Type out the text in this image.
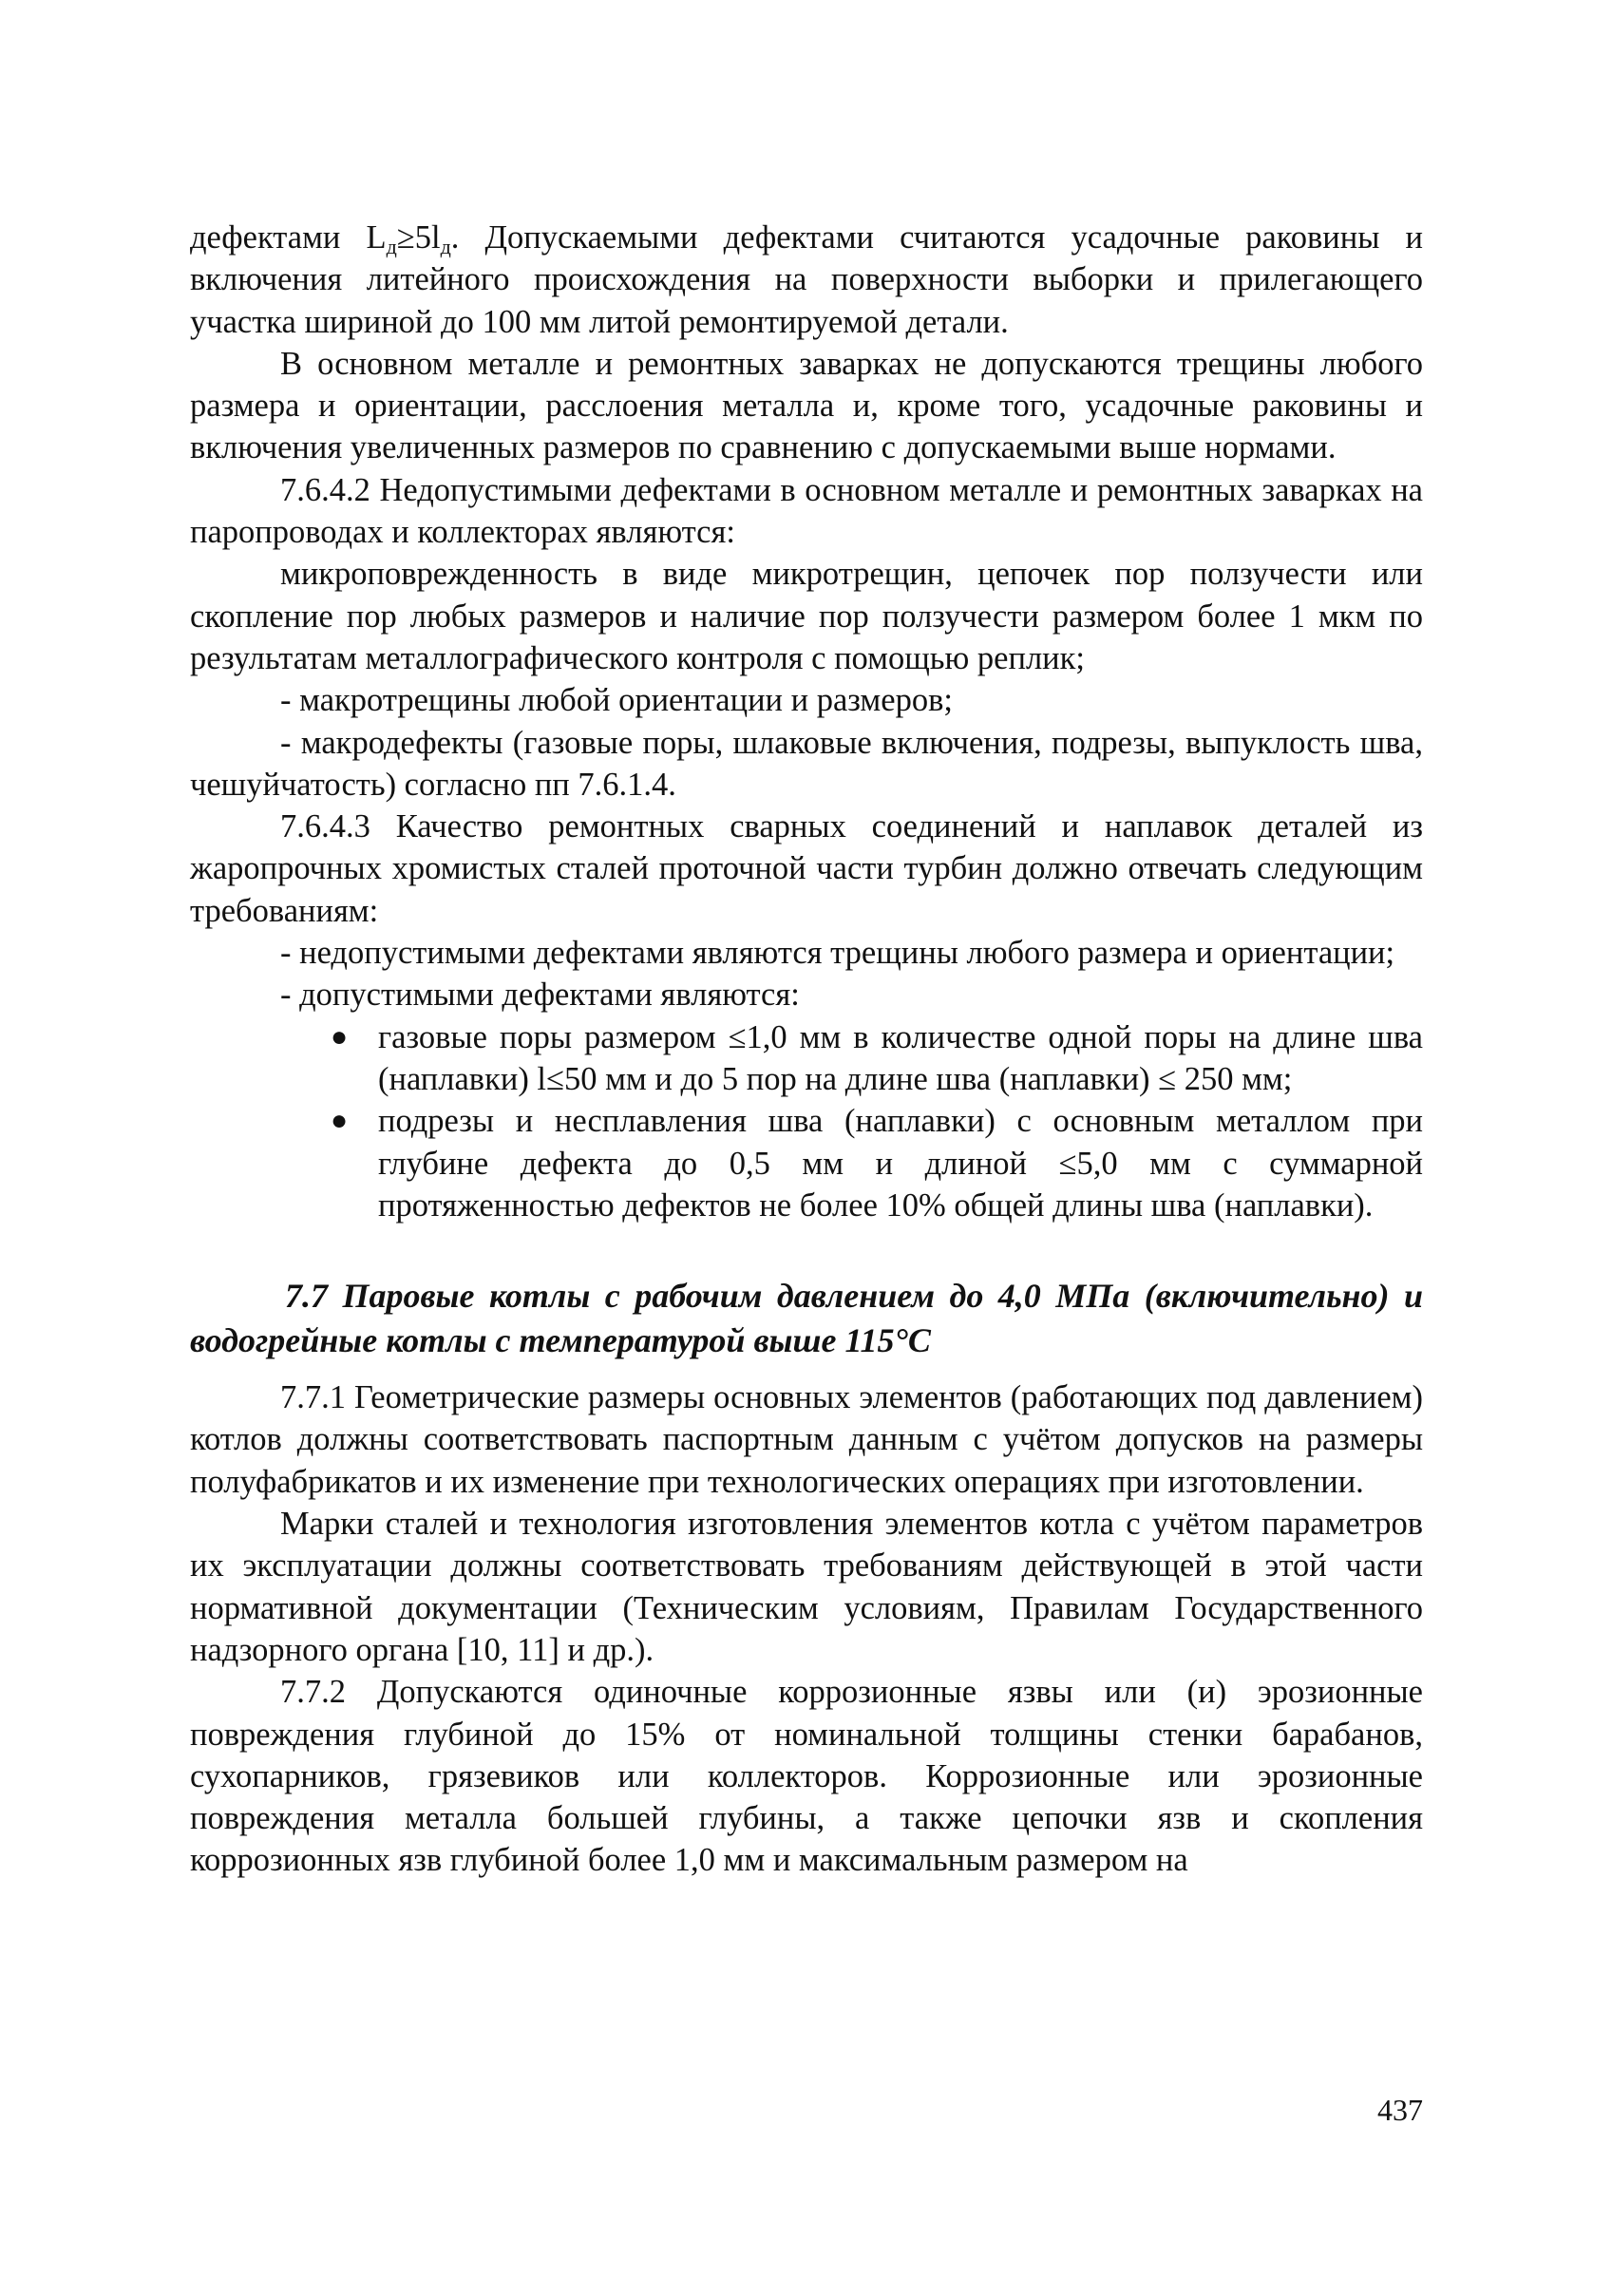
дефектами $L_д\ge 5l_д$. Допускаемыми дефектами считаются усадочные раковины и включения литейного происхождения на поверхности выборки и прилегающего участка шириной до 100 мм литой ремонтируемой детали.

В основном металле и ремонтных заварках не допускаются трещины любого размера и ориентации, расслоения металла и, кроме того, усадочные раковины и включения увеличенных размеров по сравнению с допускаемыми выше нормами.

7.6.4.2 Недопустимыми дефектами в основном металле и ремонтных заварках на паропроводах и коллекторах являются:

микроповрежденность в виде микротрещин, цепочек пор ползучести или скопление пор любых размеров и наличие пор ползучести размером более 1 мкм по результатам металлографического контроля с помощью реплик;

- макротрещины любой ориентации и размеров;

- макродефекты (газовые поры, шлаковые включения, подрезы, выпуклость шва, чешуйчатость) согласно пп 7.6.1.4.

7.6.4.3 Качество ремонтных сварных соединений и наплавок деталей из жаропрочных хромистых сталей проточной части турбин должно отвечать следующим требованиям:

- недопустимыми дефектами являются трещины любого размера и ориентации;

- допустимыми дефектами являются:

● газовые поры размером ≤1,0 мм в количестве одной поры на длине шва (наплавки) l≤50 мм и до 5 пор на длине шва (наплавки) ≤ 250 мм;
● подрезы и несплавления шва (наплавки) с основным металлом при глубине дефекта до 0,5 мм и длиной ≤5,0 мм с суммарной протяженностью дефектов не более 10% общей длины шва (наплавки).
7.7 Паровые котлы с рабочим давлением до 4,0 МПа (включительно) и водогрейные котлы с температурой выше 115°С

7.7.1 Геометрические размеры основных элементов (работающих под давлением) котлов должны соответствовать паспортным данным с учётом допусков на размеры полуфабрикатов и их изменение при технологических операциях при изготовлении.

Марки сталей и технология изготовления элементов котла с учётом параметров их эксплуатации должны соответствовать требованиям действующей в этой части нормативной документации (Техническим условиям, Правилам Государственного надзорного органа [10, 11] и др.).

7.7.2 Допускаются одиночные коррозионные язвы или (и) эрозионные повреждения глубиной до 15% от номинальной толщины стенки барабанов, сухопарников, грязевиков или коллекторов. Коррозионные или эрозионные повреждения металла большей глубины, а также цепочки язв и скопления коррозионных язв глубиной более 1,0 мм и максимальным размером на

437
